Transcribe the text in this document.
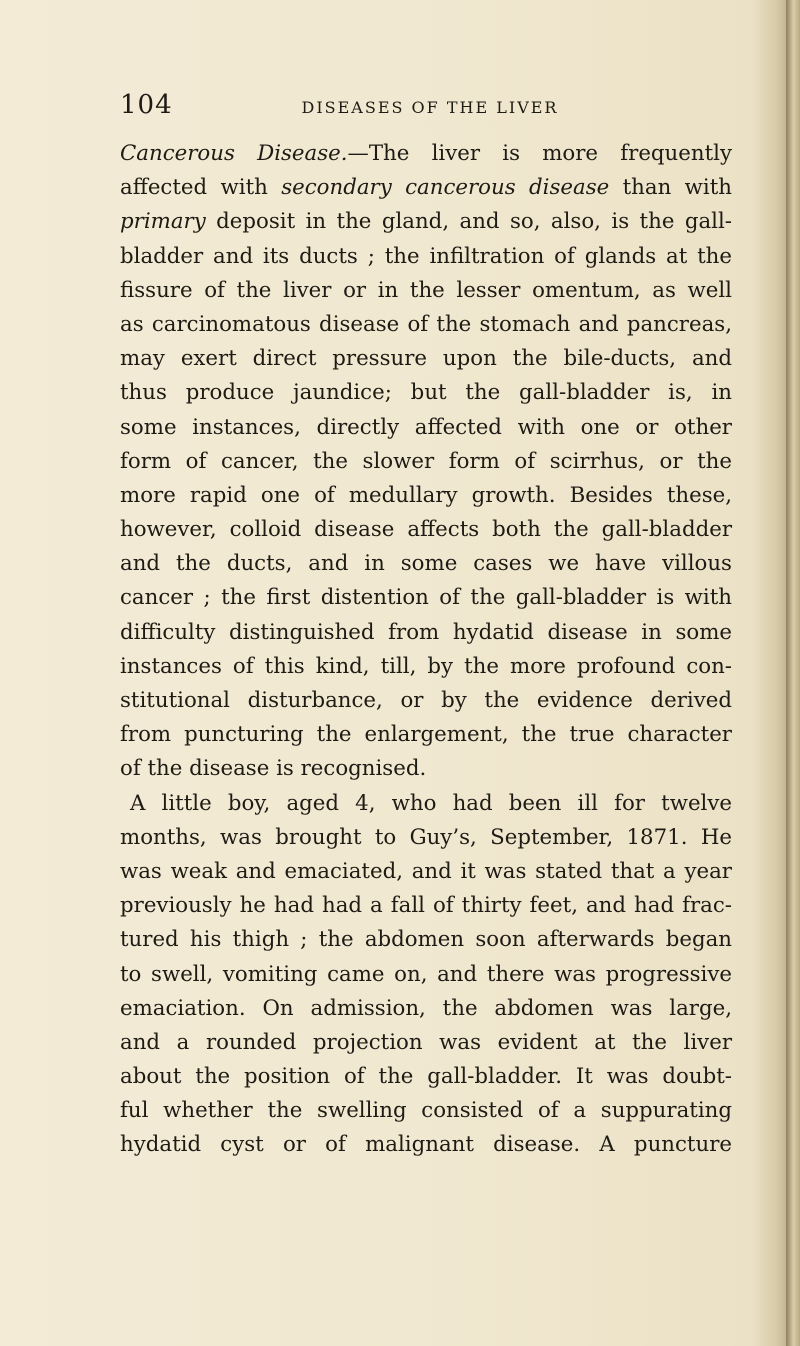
104	DISEASES OF THE LIVER
Cancerous Disease.—The liver is more frequently
affected with secondary cancerous disease than with
primary deposit in the gland, and so, also, is the gall-
bladder and its ducts ; the infiltration of glands at the
fissure of the liver or in the lesser omentum, as well
as carcinomatous disease of the stomach and pancreas,
may exert direct pressure upon the bile-ducts, and
thus produce jaundice; but the gall-bladder is, in
some instances, directly affected with one or other
form of cancer, the slower form of scirrhus, or the
more rapid one of medullary growth. Besides these,
however, colloid disease affects both the gall-bladder
and the ducts, and in some cases we have villous
cancer ; the first distention of the gall-bladder is with
difficulty distinguished from hydatid disease in some
instances of this kind, till, by the more profound con-
stitutional disturbance, or by the evidence derived
from puncturing the enlargement, the true character
of the disease is recognised.
A little boy, aged 4, who had been ill for twelve
months, was brought to Guy’s, September, 1871. He
was weak and emaciated, and it was stated that a year
previously he had had a fall of thirty feet, and had frac-
tured his thigh ; the abdomen soon afterwards began
to swell, vomiting came on, and there was progressive
emaciation. On admission, the abdomen was large,
and a rounded projection was evident at the liver
about the position of the gall-bladder. It was doubt-
ful whether the swelling consisted of a suppurating
hydatid cyst or of malignant disease. A puncture
